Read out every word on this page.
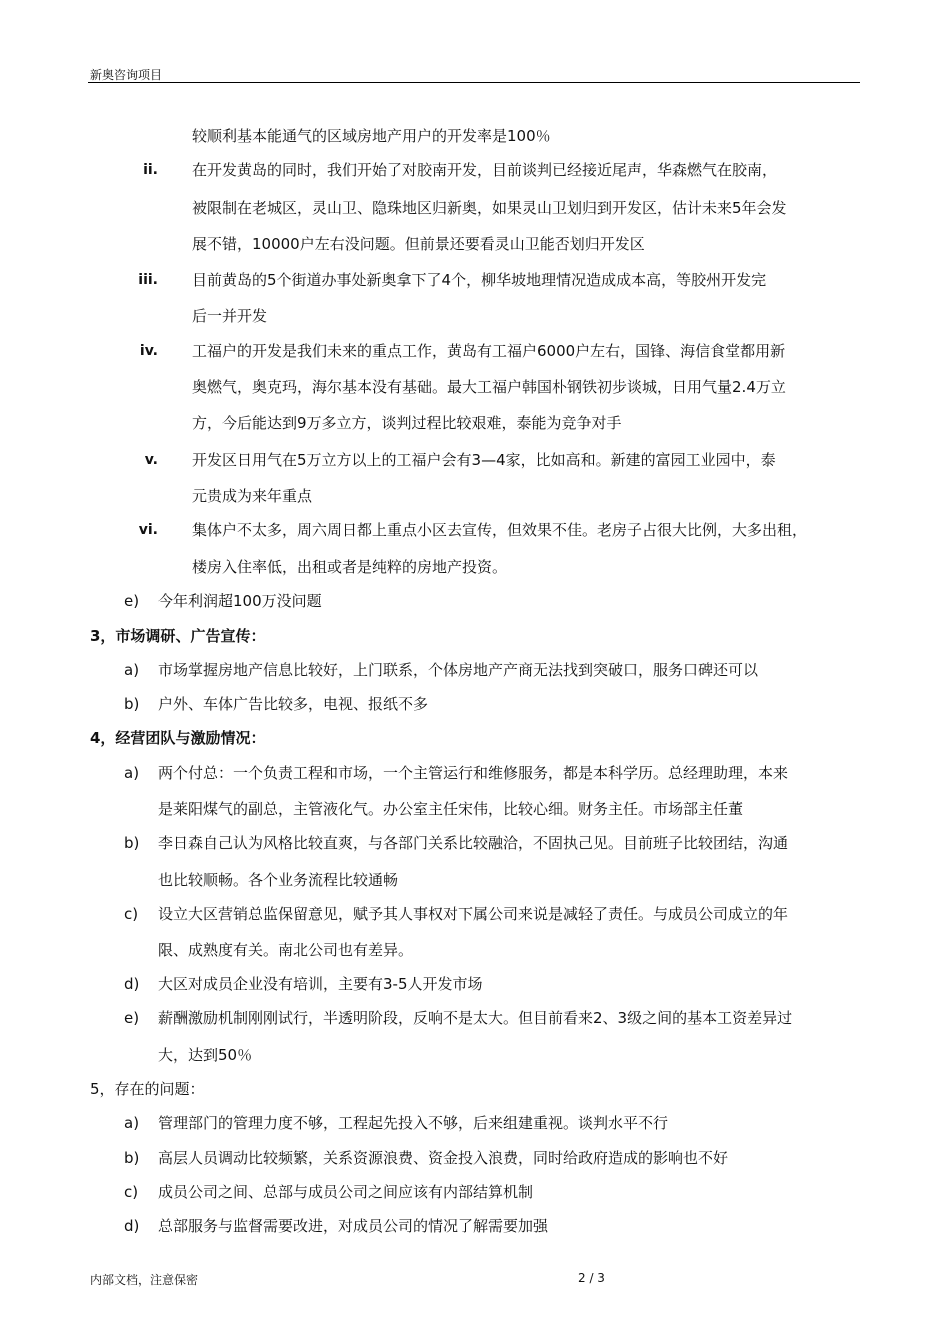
新奥咨询项目
ii.
iii.
iv.
v.
vi.
较顺利基本能通气的区域房地产用户的开发率是100％
在开发黄岛的同时，我们开始了对胶南开发，目前谈判已经接近尾声，华森燃气在胶南，
被限制在老城区，灵山卫、隐珠地区归新奥，如果灵山卫划归到开发区，估计未来5年会发
展不错，10000户左右没问题。但前景还要看灵山卫能否划归开发区
目前黄岛的5个街道办事处新奥拿下了4个，柳华坡地理情况造成成本高，等胶州开发完
后一并开发
工福户的开发是我们未来的重点工作，黄岛有工福户6000户左右，国锋、海信食堂都用新
奥燃气，奥克玛，海尔基本没有基础。最大工福户韩国朴钢铁初步谈城，日用气量2.4万立
方，今后能达到9万多立方，谈判过程比较艰难，泰能为竞争对手
开发区日用气在5万立方以上的工福户会有3—4家，比如高和。新建的富园工业园中，泰
元贵成为来年重点
集体户不太多，周六周日都上重点小区去宣传，但效果不佳。老房子占很大比例，大多出租，
楼房入住率低，出租或者是纯粹的房地产投资。
e) 今年利润超100万没问题
3，市场调研、广告宣传：
a) 市场掌握房地产信息比较好，上门联系，个体房地产产商无法找到突破口，服务口碑还可以
b) 户外、车体广告比较多，电视、报纸不多
4，经营团队与激励情况：
a) 两个付总：一个负责工程和市场，一个主管运行和维修服务，都是本科学历。总经理助理，本来
是莱阳煤气的副总，主管液化气。办公室主任宋伟，比较心细。财务主任。市场部主任董
b) 李日森自己认为风格比较直爽，与各部门关系比较融洽，不固执己见。目前班子比较团结，沟通
也比较顺畅。各个业务流程比较通畅
c) 设立大区营销总监保留意见，赋予其人事权对下属公司来说是减轻了责任。与成员公司成立的年
限、成熟度有关。南北公司也有差异。
d) 大区对成员企业没有培训，主要有3-5人开发市场
e) 薪酬激励机制刚刚试行，半透明阶段，反响不是太大。但目前看来2、3级之间的基本工资差异过
大，达到50％
5，存在的问题：
a) 管理部门的管理力度不够，工程起先投入不够，后来组建重视。谈判水平不行
b) 高层人员调动比较频繁，关系资源浪费、资金投入浪费，同时给政府造成的影响也不好
c) 成员公司之间、总部与成员公司之间应该有内部结算机制
d) 总部服务与监督需要改进，对成员公司的情况了解需要加强
内部文档，注意保密	2 / 3
